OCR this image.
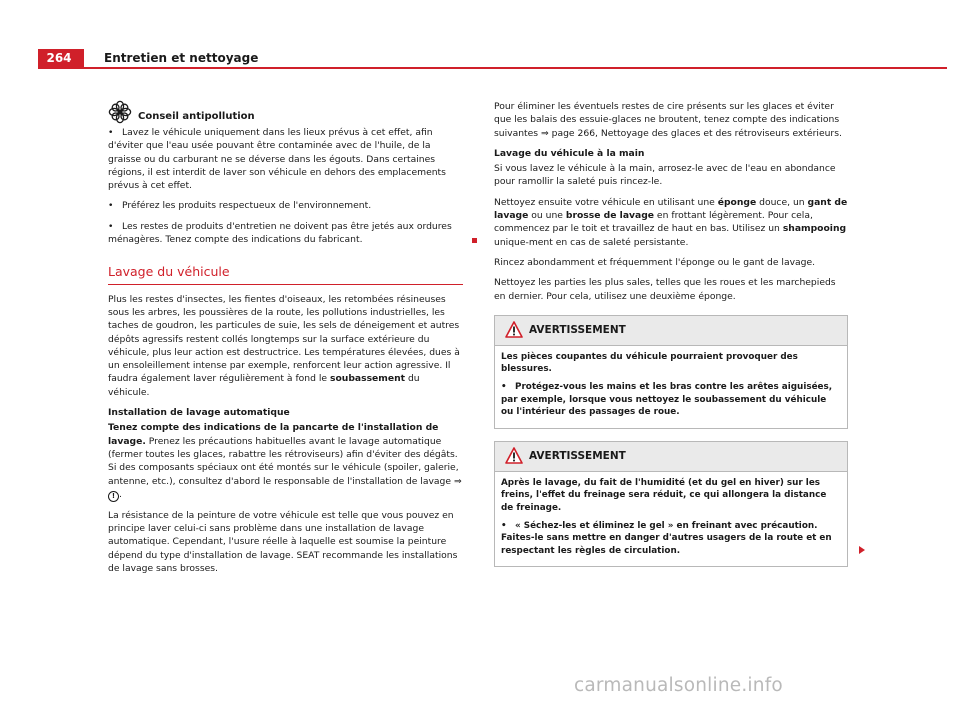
264	Entretien et nettoyage
Conseil antipollution

• Lavez le véhicule uniquement dans les lieux prévus à cet effet, afin d'éviter que l'eau usée pouvant être contaminée avec de l'huile, de la graisse ou du carburant ne se déverse dans les égouts. Dans certaines régions, il est interdit de laver son véhicule en dehors des emplacements prévus à cet effet.

• Préférez les produits respectueux de l'environnement.

• Les restes de produits d'entretien ne doivent pas être jetés aux ordures ménagères. Tenez compte des indications du fabricant.

Lavage du véhicule

Plus les restes d'insectes, les fientes d'oiseaux, les retombées résineuses sous les arbres, les poussières de la route, les pollutions industrielles, les taches de goudron, les particules de suie, les sels de déneigement et autres dépôts agressifs restent collés longtemps sur la surface extérieure du véhicule, plus leur action est destructrice. Les températures élevées, dues à un ensoleillement intense par exemple, renforcent leur action agressive. Il faudra également laver régulièrement à fond le soubassement du véhicule.

Installation de lavage automatique

Tenez compte des indications de la pancarte de l'installation de lavage. Prenez les précautions habituelles avant le lavage automatique (fermer toutes les glaces, rabattre les rétroviseurs) afin d'éviter des dégâts. Si des composants spéciaux ont été montés sur le véhicule (spoiler, galerie, antenne, etc.), consultez d'abord le responsable de l'installation de lavage ⇒ ! .

La résistance de la peinture de votre véhicule est telle que vous pouvez en principe laver celui-ci sans problème dans une installation de lavage automatique. Cependant, l'usure réelle à laquelle est soumise la peinture dépend du type d'installation de lavage. SEAT recommande les installations de lavage sans brosses.

Pour éliminer les éventuels restes de cire présents sur les glaces et éviter que les balais des essuie-glaces ne broutent, tenez compte des indications suivantes ⇒ page 266, Nettoyage des glaces et des rétroviseurs extérieurs.

Lavage du véhicule à la main

Si vous lavez le véhicule à la main, arrosez-le avec de l'eau en abondance pour ramollir la saleté puis rincez-le.

Nettoyez ensuite votre véhicule en utilisant une éponge douce, un gant de lavage ou une brosse de lavage en frottant légèrement. Pour cela, commencez par le toit et travaillez de haut en bas. Utilisez un shampooing unique-ment en cas de saleté persistante.

Rincez abondamment et fréquemment l'éponge ou le gant de lavage.

Nettoyez les parties les plus sales, telles que les roues et les marchepieds en dernier. Pour cela, utilisez une deuxième éponge.

AVERTISSEMENT

Les pièces coupantes du véhicule pourraient provoquer des blessures.

• Protégez-vous les mains et les bras contre les arêtes aiguisées, par exemple, lorsque vous nettoyez le soubassement du véhicule ou l'intérieur des passages de roue.

AVERTISSEMENT

Après le lavage, du fait de l'humidité (et du gel en hiver) sur les freins, l'effet du freinage sera réduit, ce qui allongera la distance de freinage.

• « Séchez-les et éliminez le gel » en freinant avec précaution. Faites-le sans mettre en danger d'autres usagers de la route et en respectant les règles de circulation.

carmanualsonline.info
